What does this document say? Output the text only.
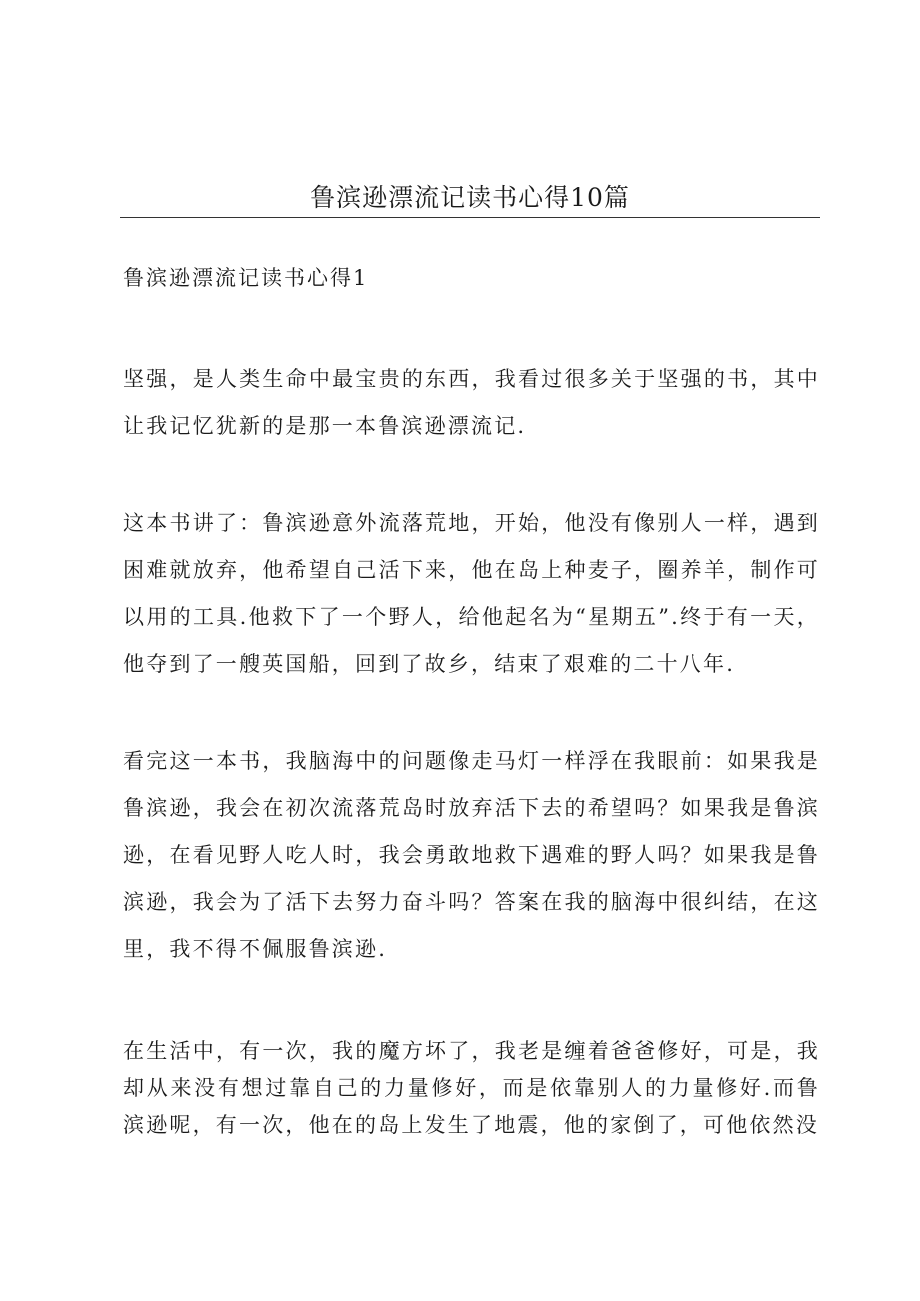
鲁滨逊漂流记读书心得10篇
鲁滨逊漂流记读书心得1
坚强，是人类生命中最宝贵的东西，我看过很多关于坚强的书，其中让我记忆犹新的是那一本鲁滨逊漂流记.
这本书讲了：鲁滨逊意外流落荒地，开始，他没有像别人一样，遇到困难就放弃，他希望自己活下来，他在岛上种麦子，圈养羊，制作可以用的工具.他救下了一个野人，给他起名为“星期五”.终于有一天，他夺到了一艘英国船，回到了故乡，结束了艰难的二十八年.
看完这一本书，我脑海中的问题像走马灯一样浮在我眼前：如果我是鲁滨逊，我会在初次流落荒岛时放弃活下去的希望吗？如果我是鲁滨逊，在看见野人吃人时，我会勇敢地救下遇难的野人吗？如果我是鲁滨逊，我会为了活下去努力奋斗吗？答案在我的脑海中很纠结，在这里，我不得不佩服鲁滨逊.
在生活中，有一次，我的魔方坏了，我老是缠着爸爸修好，可是，我却从来没有想过靠自己的力量修好，而是依靠别人的力量修好.而鲁滨逊呢，有一次，他在的岛上发生了地震，他的家倒了，可他依然没
